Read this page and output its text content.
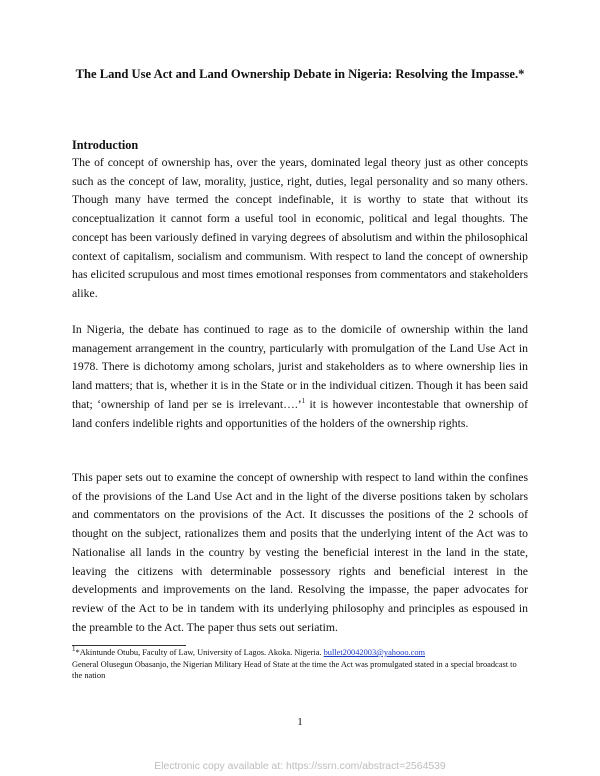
The Land Use Act and Land Ownership Debate in Nigeria: Resolving the Impasse.*
Introduction

The of concept of ownership has, over the years, dominated legal theory just as other concepts such as the concept of law, morality, justice, right, duties, legal personality and so many others. Though many have termed the concept indefinable, it is worthy to state that without its conceptualization it cannot form a useful tool in economic, political and legal thoughts. The concept has been variously defined in varying degrees of absolutism and within the philosophical context of capitalism, socialism and communism. With respect to land the concept of ownership has elicited scrupulous and most times emotional responses from commentators and stakeholders alike.

In Nigeria, the debate has continued to rage as to the domicile of ownership within the land management arrangement in the country, particularly with promulgation of the Land Use Act in 1978. There is dichotomy among scholars, jurist and stakeholders as to where ownership lies in land matters; that is, whether it is in the State or in the individual citizen. Though it has been said that; ‘ownership of land per se is irrelevant….’$^1$ it is however incontestable that ownership of land confers indelible rights and opportunities of the holders of the ownership rights.

This paper sets out to examine the concept of ownership with respect to land within the confines of the provisions of the Land Use Act and in the light of the diverse positions taken by scholars and commentators on the provisions of the Act. It discusses the positions of the 2 schools of thought on the subject, rationalizes them and posits that the underlying intent of the Act was to Nationalise all lands in the country by vesting the beneficial interest in the land in the state, leaving the citizens with determinable possessory rights and beneficial interest in the developments and improvements on the land. Resolving the impasse, the paper advocates for review of the Act to be in tandem with its underlying philosophy and principles as espoused in the preamble to the Act. The paper thus sets out seriatim.

$^1$*Akintunde Otubu, Faculty of Law, University of Lagos. Akoka. Nigeria. bullet20042003@yahooo.com

General Olusegun Obasanjo, the Nigerian Military Head of State at the time the Act was promulgated stated in a special broadcast to the nation

1
Electronic copy available at: https://ssrn.com/abstract=2564539
